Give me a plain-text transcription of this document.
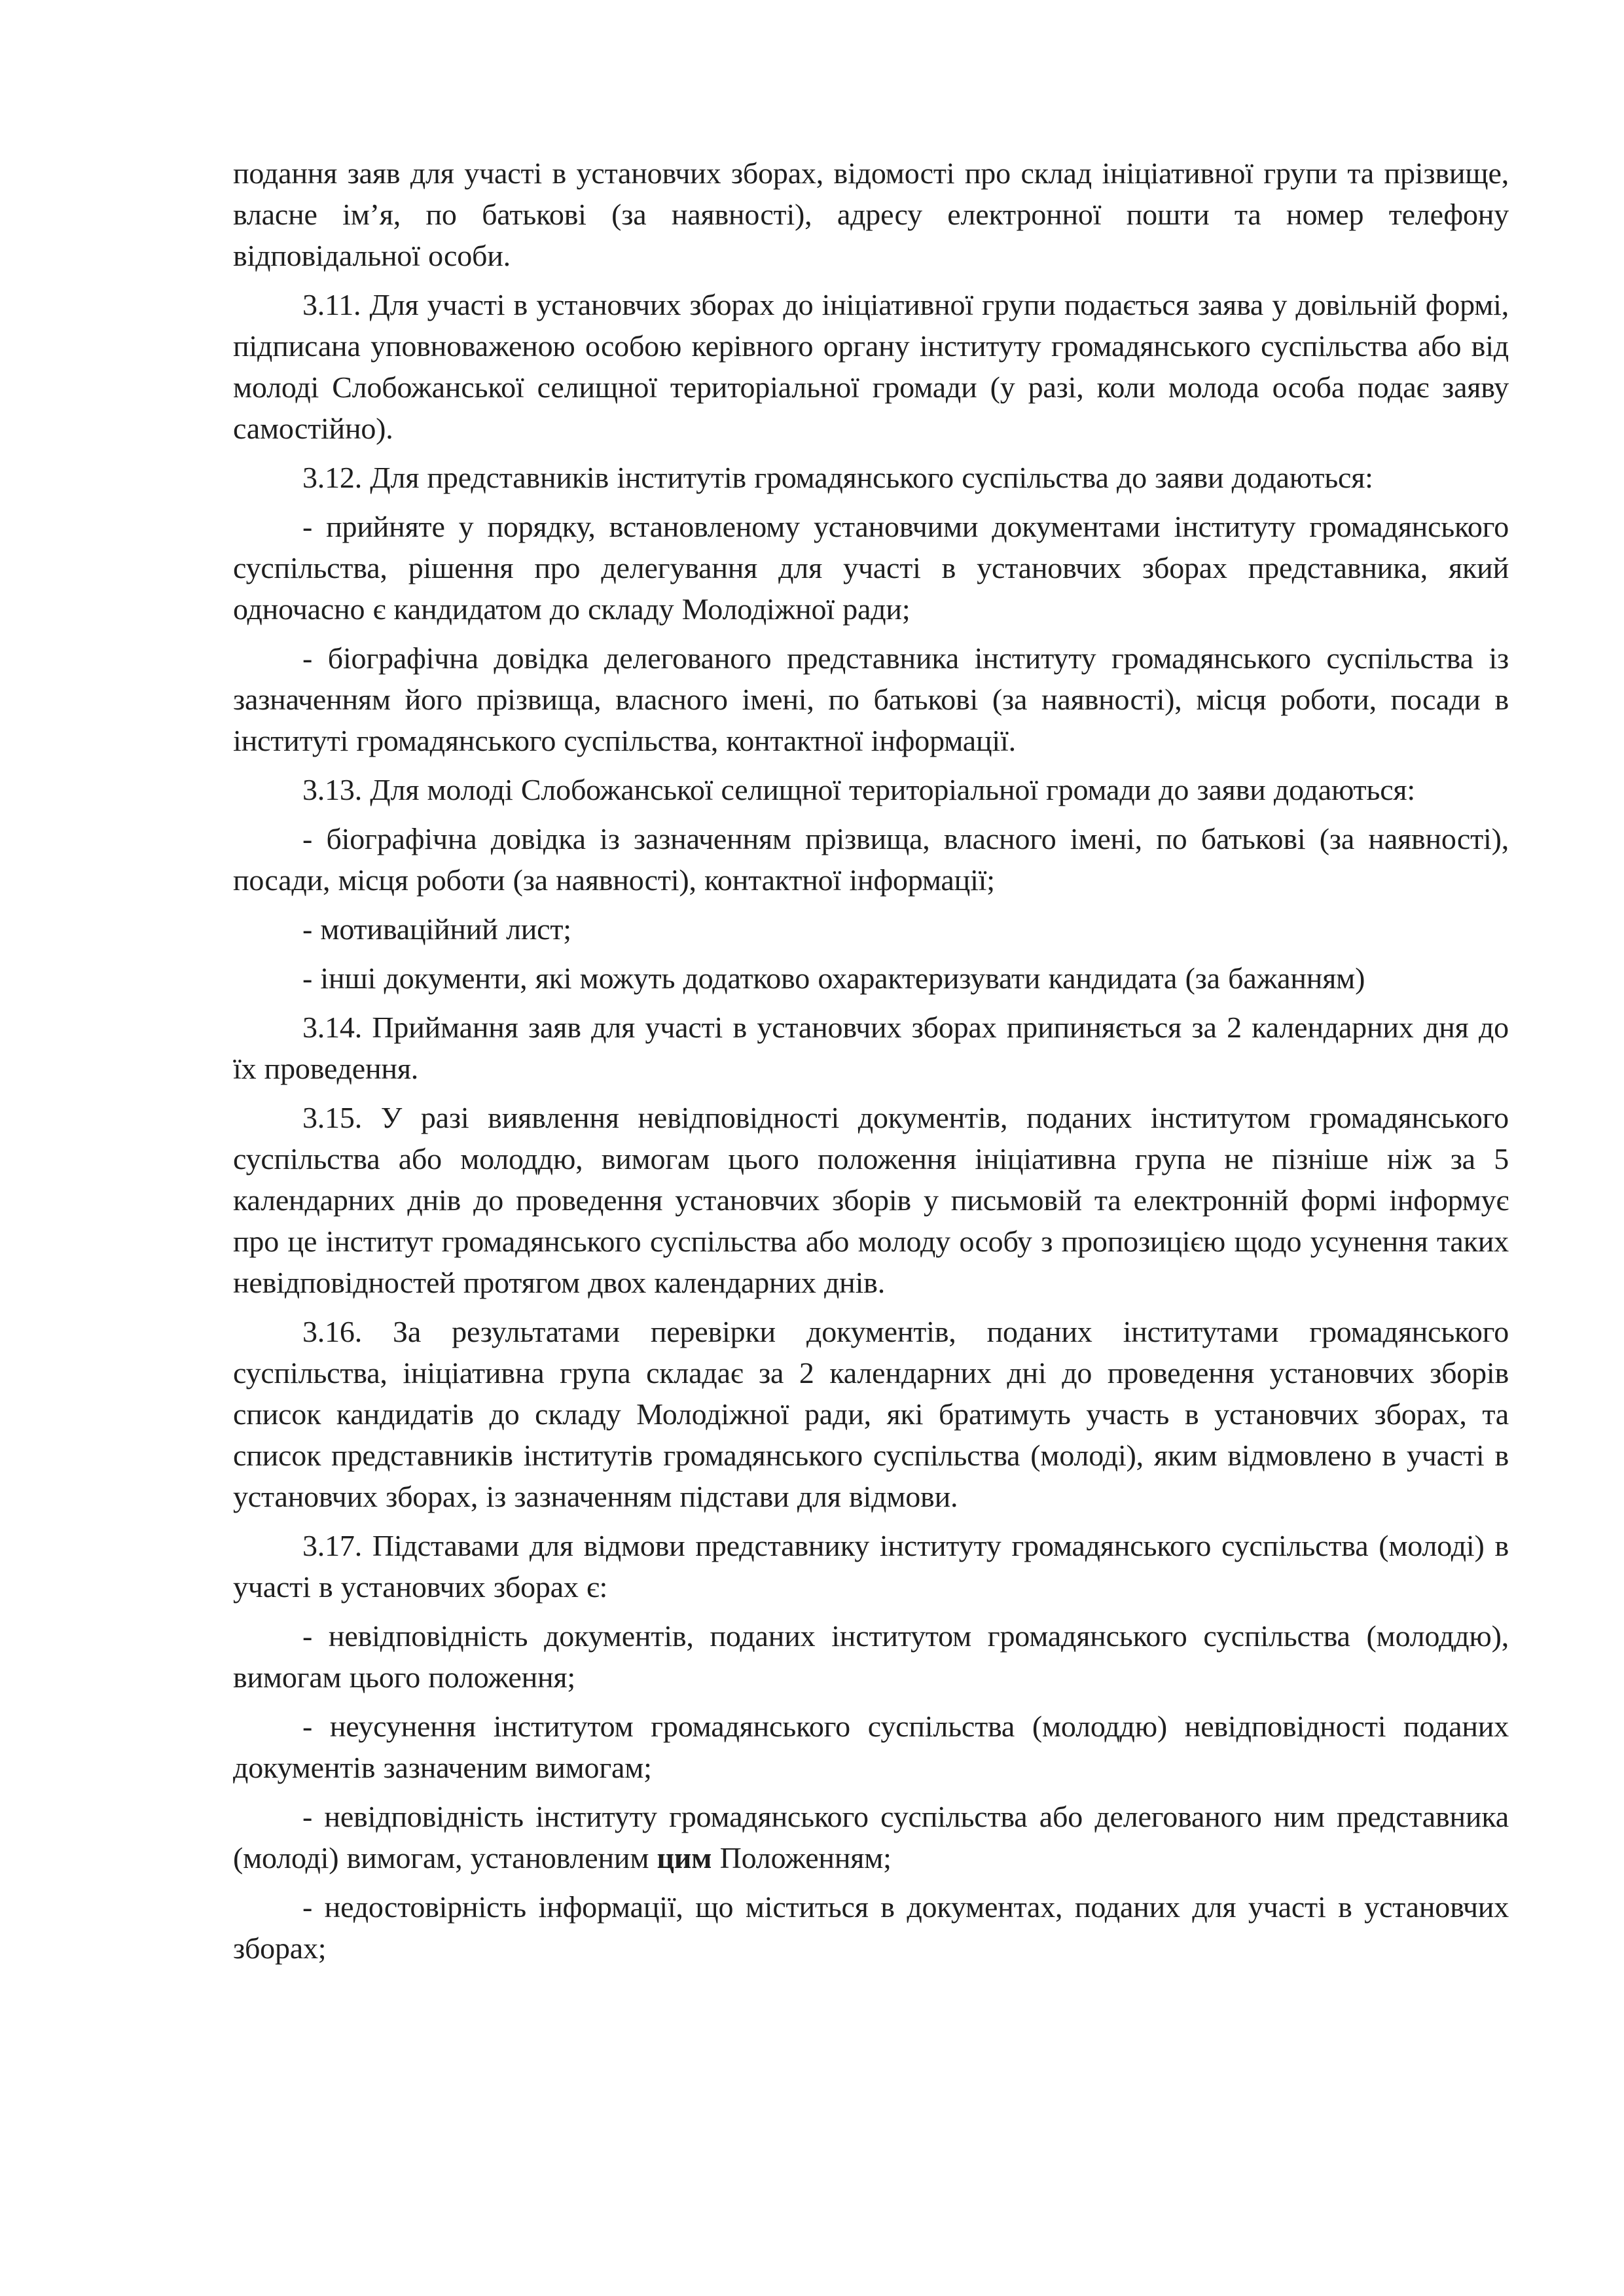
подання заяв для участі в установчих зборах, відомості про склад ініціативної групи та прізвище, власне ім’я, по батькові (за наявності), адресу електронної пошти та номер телефону відповідальної особи.

3.11. Для участі в установчих зборах до ініціативної групи подається заява у довільній формі, підписана уповноваженою особою керівного органу інституту громадянського суспільства або від молоді Слобожанської селищної територіальної громади (у разі, коли молода особа подає заяву самостійно).

3.12. Для представників інститутів громадянського суспільства до заяви додаються:

- прийняте у порядку, встановленому установчими документами інституту громадянського суспільства, рішення про делегування для участі в установчих зборах представника, який одночасно є кандидатом до складу Молодіжної ради;

- біографічна довідка делегованого представника інституту громадянського суспільства із зазначенням його прізвища, власного імені, по батькові (за наявності), місця роботи, посади в інституті громадянського суспільства, контактної інформації.

3.13. Для молоді Слобожанської селищної територіальної громади до заяви додаються:

- біографічна довідка із зазначенням прізвища, власного імені, по батькові (за наявності), посади, місця роботи (за наявності), контактної інформації;

- мотиваційний лист;

- інші документи, які можуть додатково охарактеризувати кандидата (за бажанням)

3.14. Приймання заяв для участі в установчих зборах припиняється за 2 календарних дня до їх проведення.

3.15. У разі виявлення невідповідності документів, поданих інститутом громадянського суспільства або молоддю, вимогам цього положення ініціативна група не пізніше ніж за 5 календарних днів до проведення установчих зборів у письмовій та електронній формі інформує про це інститут громадянського суспільства або молоду особу з пропозицією щодо усунення таких невідповідностей протягом двох календарних днів.

3.16. За результатами перевірки документів, поданих інститутами громадянського суспільства, ініціативна група складає за 2 календарних дні до проведення установчих зборів список кандидатів до складу Молодіжної ради, які братимуть участь в установчих зборах, та список представників інститутів громадянського суспільства (молоді), яким відмовлено в участі в установчих зборах, із зазначенням підстави для відмови.

3.17. Підставами для відмови представнику інституту громадянського суспільства (молоді) в участі в установчих зборах є:

- невідповідність документів, поданих інститутом громадянського суспільства (молоддю), вимогам цього положення;

- неусунення інститутом громадянського суспільства (молоддю) невідповідності поданих документів зазначеним вимогам;

- невідповідність інституту громадянського суспільства або делегованого ним представника (молоді) вимогам, установленим цим Положенням;

- недостовірність інформації, що міститься в документах, поданих для участі в установчих зборах;
